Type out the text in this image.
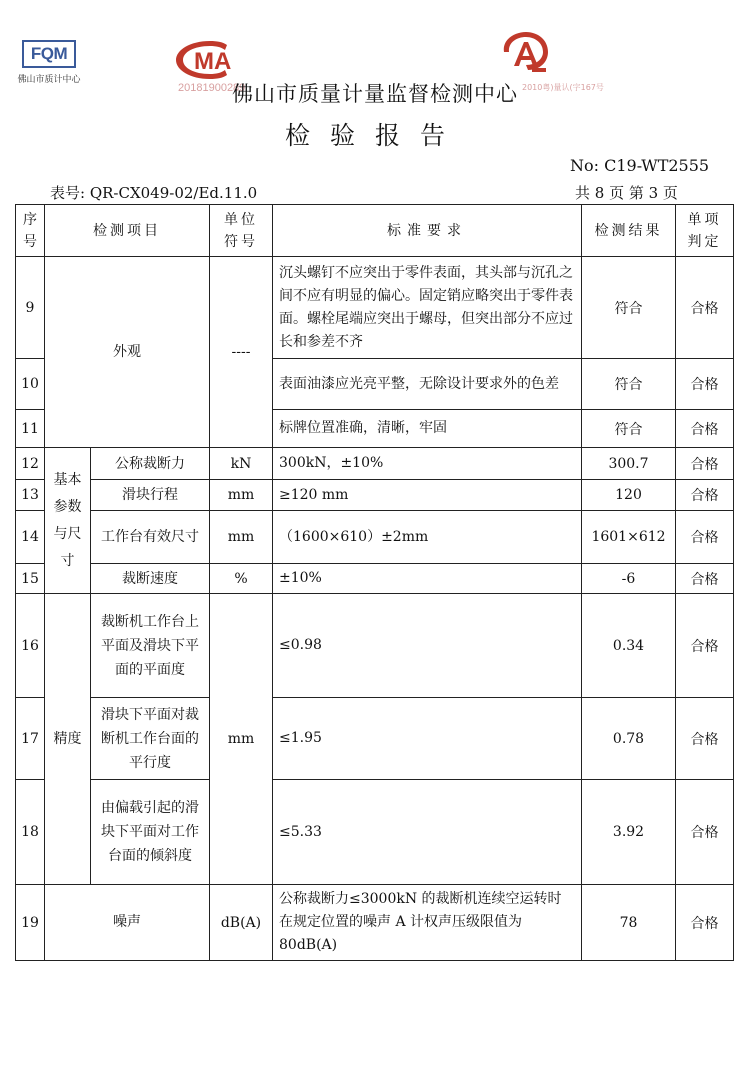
FQM
佛山市质计中心
MA
20181900289	2010粤)量认(字167号
佛山市质量计量监督检测中心
检验报告
No: C19-WT2555
表号: QR-CX049-02/Ed.11.0	共 8 页 第 3 页
序号	检测项目		单位符号	标准要求	检测结果	单项判定
9	外观		----	沉头螺钉不应突出于零件表面，其头部与沉孔之间不应有明显的偏心。固定销应略突出于零件表面。螺栓尾端应突出于螺母，但突出部分不应过长和参差不齐	符合	合格
10				表面油漆应光亮平整，无除设计要求外的色差	符合	合格
11				标牌位置准确，清晰，牢固	符合	合格
12	基本参数与尺寸	公称裁断力	kN	300kN，±10%	300.7	合格
13		滑块行程	mm	≥120 mm	120	合格
14		工作台有效尺寸	mm	（1600×610）±2mm	1601×612	合格
15		裁断速度	%	±10%	-6	合格
16	精度	裁断机工作台上平面及滑块下平面的平面度	mm	≤0.98	0.34	合格
17		滑块下平面对裁断机工作台面的平行度		≤1.95	0.78	合格
18		由偏载引起的滑块下平面对工作台面的倾斜度		≤5.33	3.92	合格
19	噪声		dB(A)	公称裁断力≤3000kN 的裁断机连续空运转时在规定位置的噪声 A 计权声压级限值为 80dB(A)	78	合格
